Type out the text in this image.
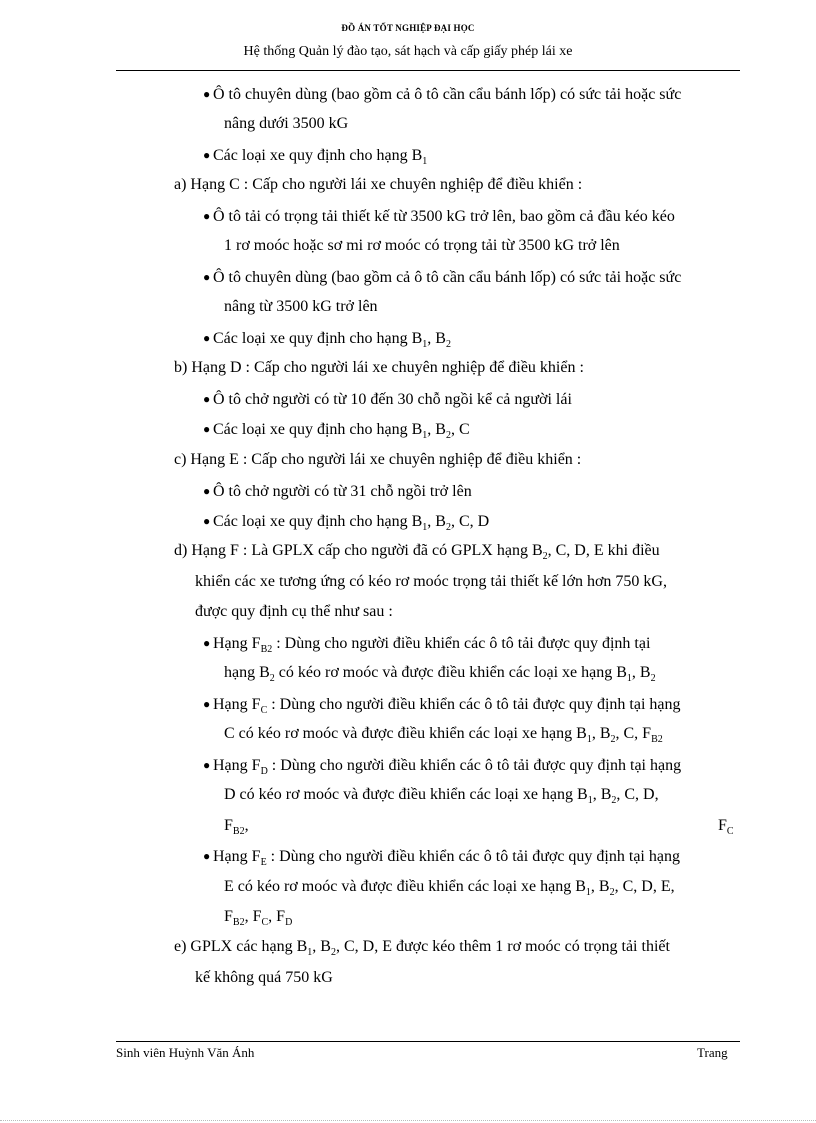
ĐỒ ÁN TỐT NGHIỆP ĐẠI HỌC
Hệ thống Quản lý đào tạo, sát hạch và cấp giấy phép lái xe
● Ô tô chuyên dùng (bao gồm cả ô tô cần cẩu bánh lốp) có sức tải hoặc sức
nâng dưới 3500 kG
● Các loại xe quy định cho hạng $B_1$
a) Hạng C : Cấp cho người lái xe chuyên nghiệp để điều khiển :
● Ô tô tải có trọng tải thiết kế từ 3500 kG trở lên, bao gồm cả đầu kéo kéo
1 rơ moóc hoặc sơ mi rơ moóc có trọng tải từ 3500 kG trở lên
● Ô tô chuyên dùng (bao gồm cả ô tô cần cẩu bánh lốp) có sức tải hoặc sức
nâng từ 3500 kG trở lên
● Các loại xe quy định cho hạng $B_1$, $B_2$
b) Hạng D : Cấp cho người lái xe chuyên nghiệp để điều khiển :
● Ô tô chở người có từ 10 đến 30 chỗ ngồi kể cả người lái
● Các loại xe quy định cho hạng $B_1$, $B_2$, C
c) Hạng E : Cấp cho người lái xe chuyên nghiệp để điều khiển :
● Ô tô chở người có từ 31 chỗ ngồi trở lên
● Các loại xe quy định cho hạng $B_1$, $B_2$, C, D
d) Hạng F : Là GPLX cấp cho người đã có GPLX hạng $B_2$, C, D, E khi điều
khiển các xe tương ứng có kéo rơ moóc trọng tải thiết kế lớn hơn 750 kG,
được quy định cụ thể như sau :
● Hạng $F_{B2}$ : Dùng cho người điều khiển các ô tô tải được quy định tại
hạng $B_2$ có kéo rơ moóc và được điều khiển các loại xe hạng $B_1$, $B_2$
● Hạng $F_C$ : Dùng cho người điều khiển các ô tô tải được quy định tại hạng
C có kéo rơ moóc và được điều khiển các loại xe hạng $B_1$, $B_2$, C, $F_{B2}$
● Hạng $F_D$ : Dùng cho người điều khiển các ô tô tải được quy định tại hạng
D có kéo rơ moóc và được điều khiển các loại xe hạng $B_1$, $B_2$, C, D,
$F_{B2}$,	$F_C$
● Hạng $F_E$ : Dùng cho người điều khiển các ô tô tải được quy định tại hạng
E có kéo rơ moóc và được điều khiển các loại xe hạng $B_1$, $B_2$, C, D, E,
$F_{B2}$, $F_C$, $F_D$
e) GPLX các hạng $B_1$, $B_2$, C, D, E được kéo thêm 1 rơ moóc có trọng tải thiết
kế không quá 750 kG
Sinh viên Huỳnh Văn Ánh	Trang
